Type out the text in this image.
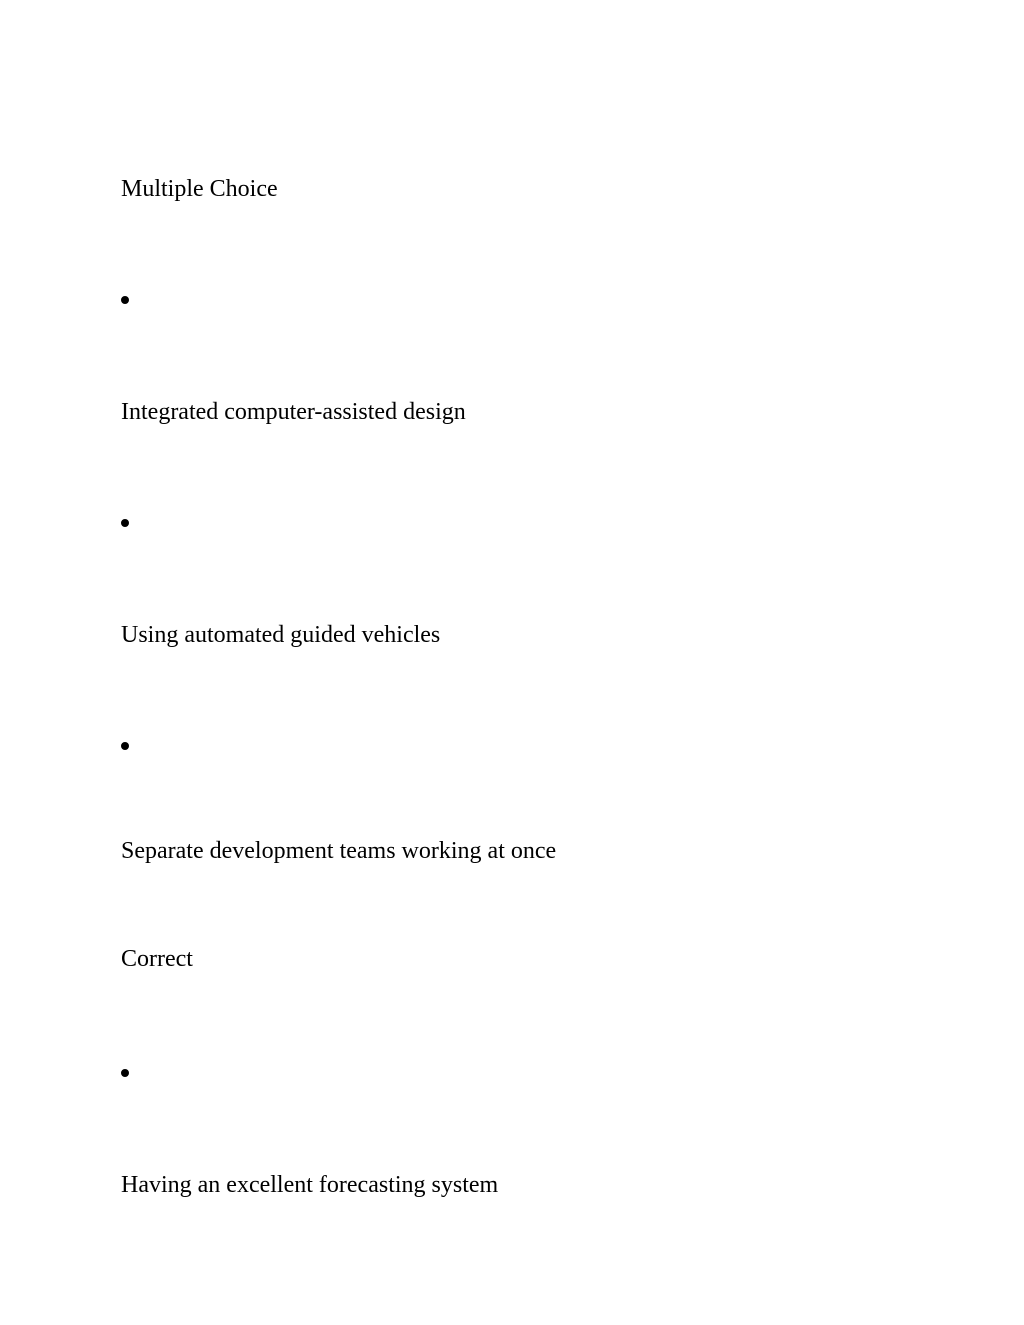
Multiple Choice
Integrated computer-assisted design
Using automated guided vehicles
Separate development teams working at once
Correct
Having an excellent forecasting system
